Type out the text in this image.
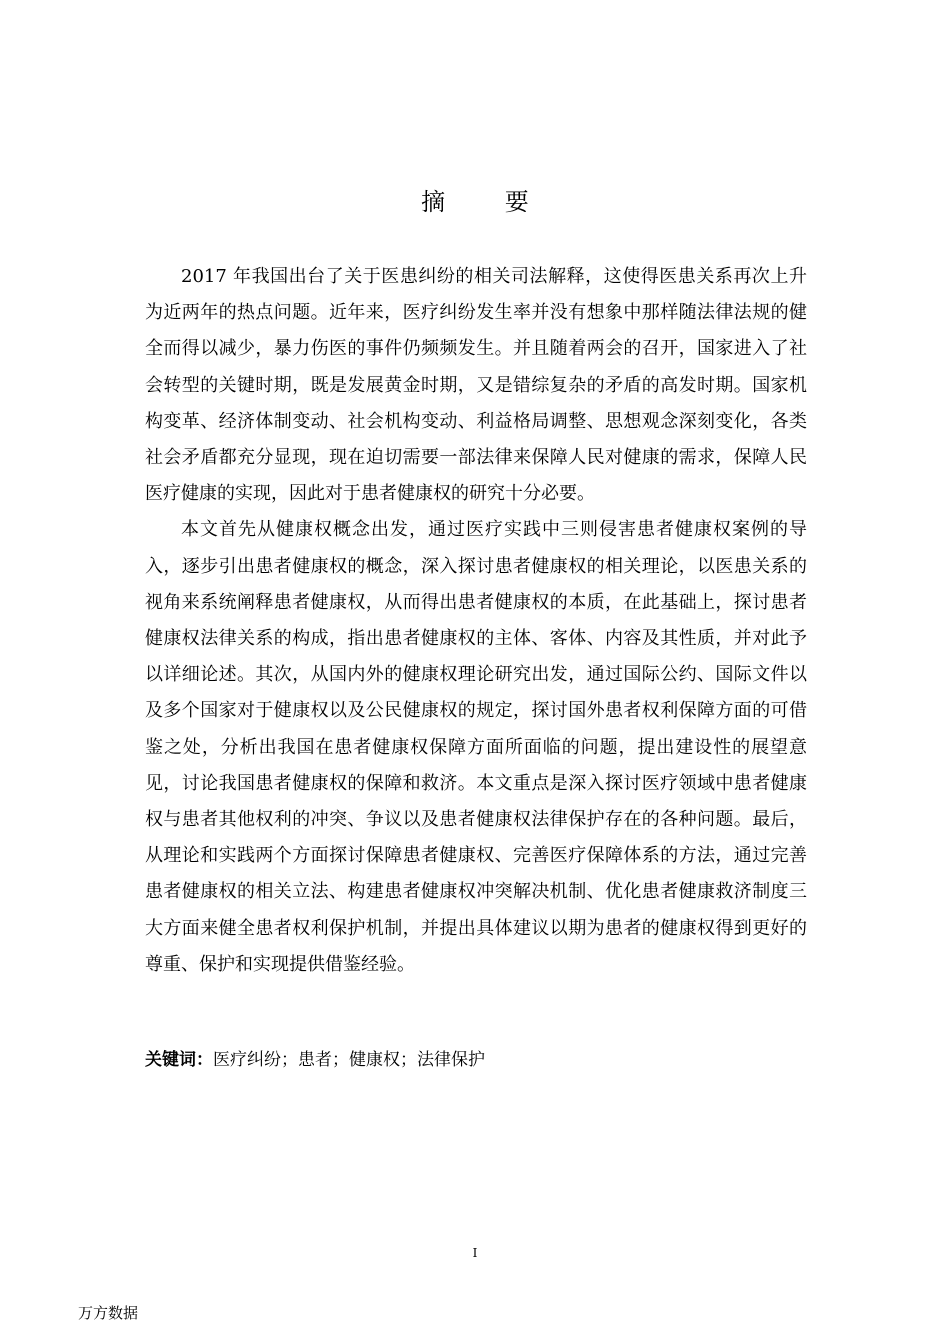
摘 要

2017 年我国出台了关于医患纠纷的相关司法解释，这使得医患关系再次上升为近两年的热点问题。近年来，医疗纠纷发生率并没有想象中那样随法律法规的健全而得以减少，暴力伤医的事件仍频频发生。并且随着两会的召开，国家进入了社会转型的关键时期，既是发展黄金时期，又是错综复杂的矛盾的高发时期。国家机构变革、经济体制变动、社会机构变动、利益格局调整、思想观念深刻变化，各类社会矛盾都充分显现，现在迫切需要一部法律来保障人民对健康的需求，保障人民医疗健康的实现，因此对于患者健康权的研究十分必要。

本文首先从健康权概念出发，通过医疗实践中三则侵害患者健康权案例的导入，逐步引出患者健康权的概念，深入探讨患者健康权的相关理论，以医患关系的视角来系统阐释患者健康权，从而得出患者健康权的本质，在此基础上，探讨患者健康权法律关系的构成，指出患者健康权的主体、客体、内容及其性质，并对此予以详细论述。其次，从国内外的健康权理论研究出发，通过国际公约、国际文件以及多个国家对于健康权以及公民健康权的规定，探讨国外患者权利保障方面的可借鉴之处，分析出我国在患者健康权保障方面所面临的问题，提出建设性的展望意见，讨论我国患者健康权的保障和救济。本文重点是深入探讨医疗领域中患者健康权与患者其他权利的冲突、争议以及患者健康权法律保护存在的各种问题。最后，从理论和实践两个方面探讨保障患者健康权、完善医疗保障体系的方法，通过完善患者健康权的相关立法、构建患者健康权冲突解决机制、优化患者健康救济制度三大方面来健全患者权利保护机制，并提出具体建议以期为患者的健康权得到更好的尊重、保护和实现提供借鉴经验。

关键词：医疗纠纷；患者；健康权；法律保护

I
万方数据
